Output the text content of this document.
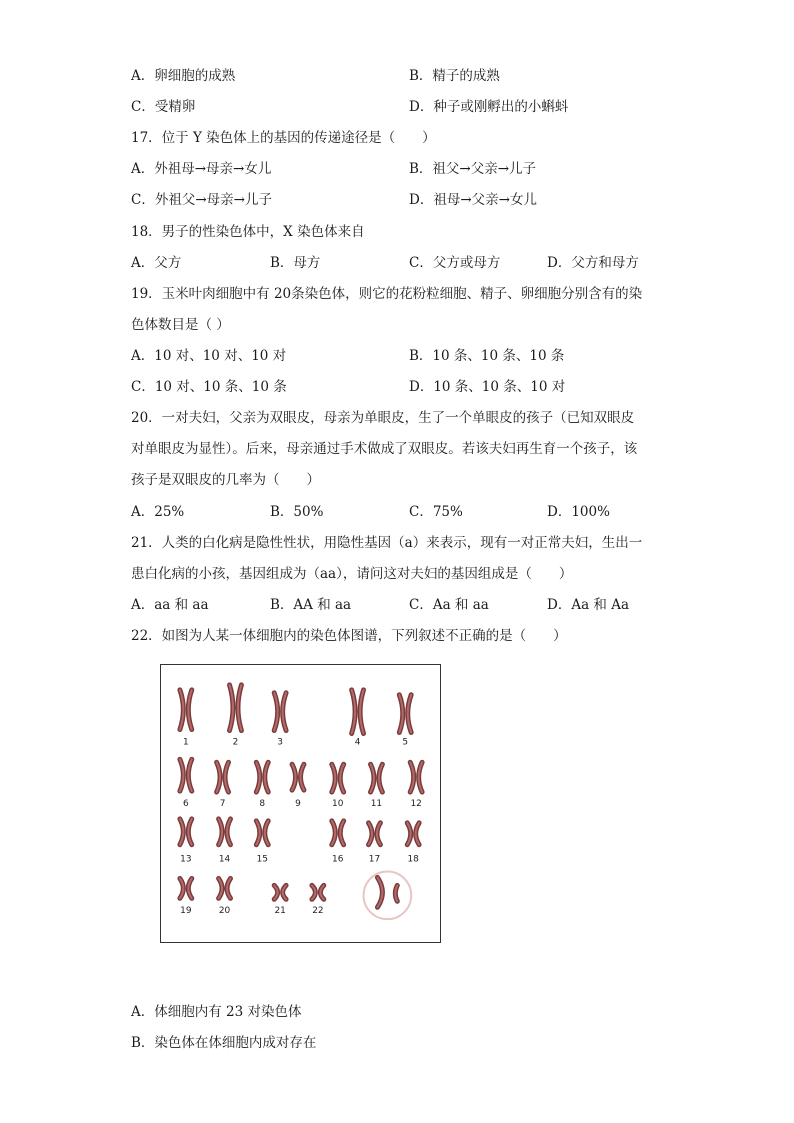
A．卵细胞的成熟	B．精子的成熟
C．受精卵	D．种子或刚孵出的小蝌蚪
17．位于 Y 染色体上的基因的传递途径是（　　）
A．外祖母→母亲→女儿	B．祖父→父亲→儿子
C．外祖父→母亲→儿子	D．祖母→父亲→女儿
18．男子的性染色体中，X 染色体来自
A．父方	B．母方	C．父方或母方	D．父方和母方
19．玉米叶肉细胞中有 20条染色体，则它的花粉粒细胞、精子、卵细胞分别含有的染
色体数目是（ ）
A．10 对、10 对、10 对	B．10 条、10 条、10 条
C．10 对、10 条、10 条	D．10 条、10 条、10 对
20．一对夫妇，父亲为双眼皮，母亲为单眼皮，生了一个单眼皮的孩子（已知双眼皮
对单眼皮为显性）。后来，母亲通过手术做成了双眼皮。若该夫妇再生育一个孩子，该
孩子是双眼皮的几率为（　　）
A．25%	B．50%	C．75%	D．100%
21．人类的白化病是隐性性状，用隐性基因（a）来表示，现有一对正常夫妇，生出一
患白化病的小孩，基因组成为（aa），请问这对夫妇的基因组成是（　　）
A．aa 和 aa	B．AA 和 aa	C．Aa 和 aa	D．Aa 和 Aa
22．如图为人某一体细胞内的染色体图谱，下列叙述不正确的是（　　）
1	2	3	4	5
6	7	8	9	10	11	12
13	14	15	16	17	18
19	20	21	22
A．体细胞内有 23 对染色体
B．染色体在体细胞内成对存在
